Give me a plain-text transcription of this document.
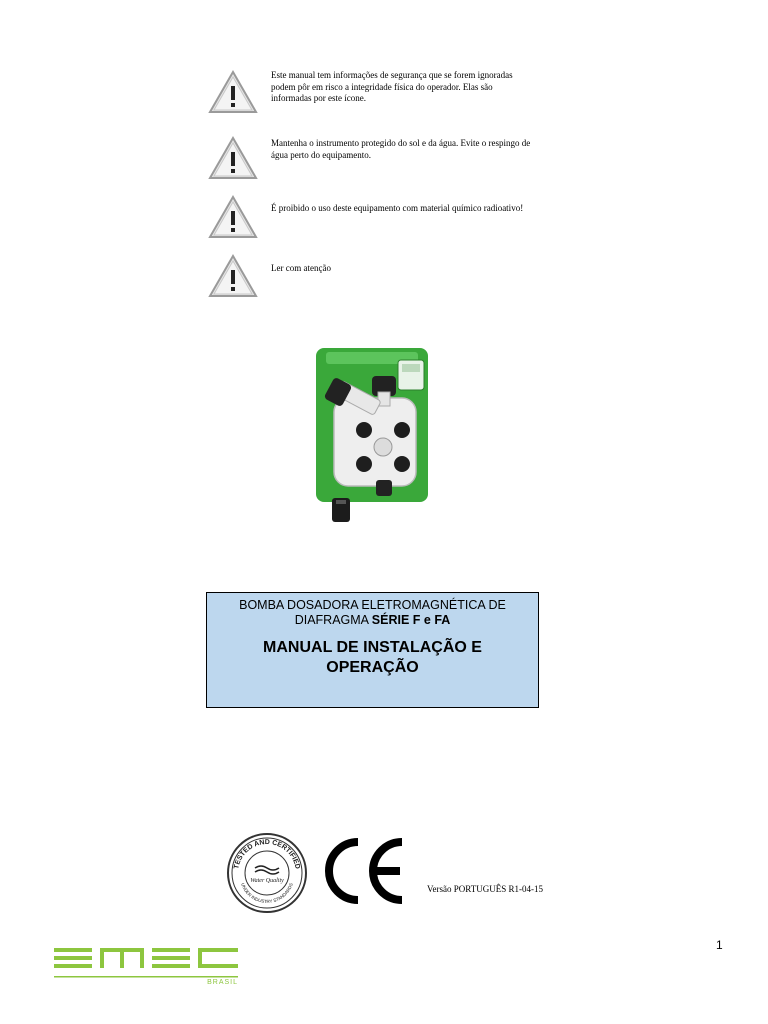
Este manual tem informações de segurança que se forem ignoradas podem pôr em risco a integridade física do operador. Elas são informadas por este ícone.
Mantenha o instrumento protegido do sol e da água. Evite o respingo de água perto do equipamento.
É proibido o uso deste equipamento com material químico radioativo!
Ler com atenção
BOMBA DOSADORA ELETROMAGNÉTICA DE
DIAFRAGMA SÉRIE F e FA
MANUAL DE INSTALAÇÃO E
OPERAÇÃO
TESTED AND CERTIFIED
UNDER INDUSTRY STANDARDS
Water Quality
Versão PORTUGUÊS R1-04-15
1
BRASIL
